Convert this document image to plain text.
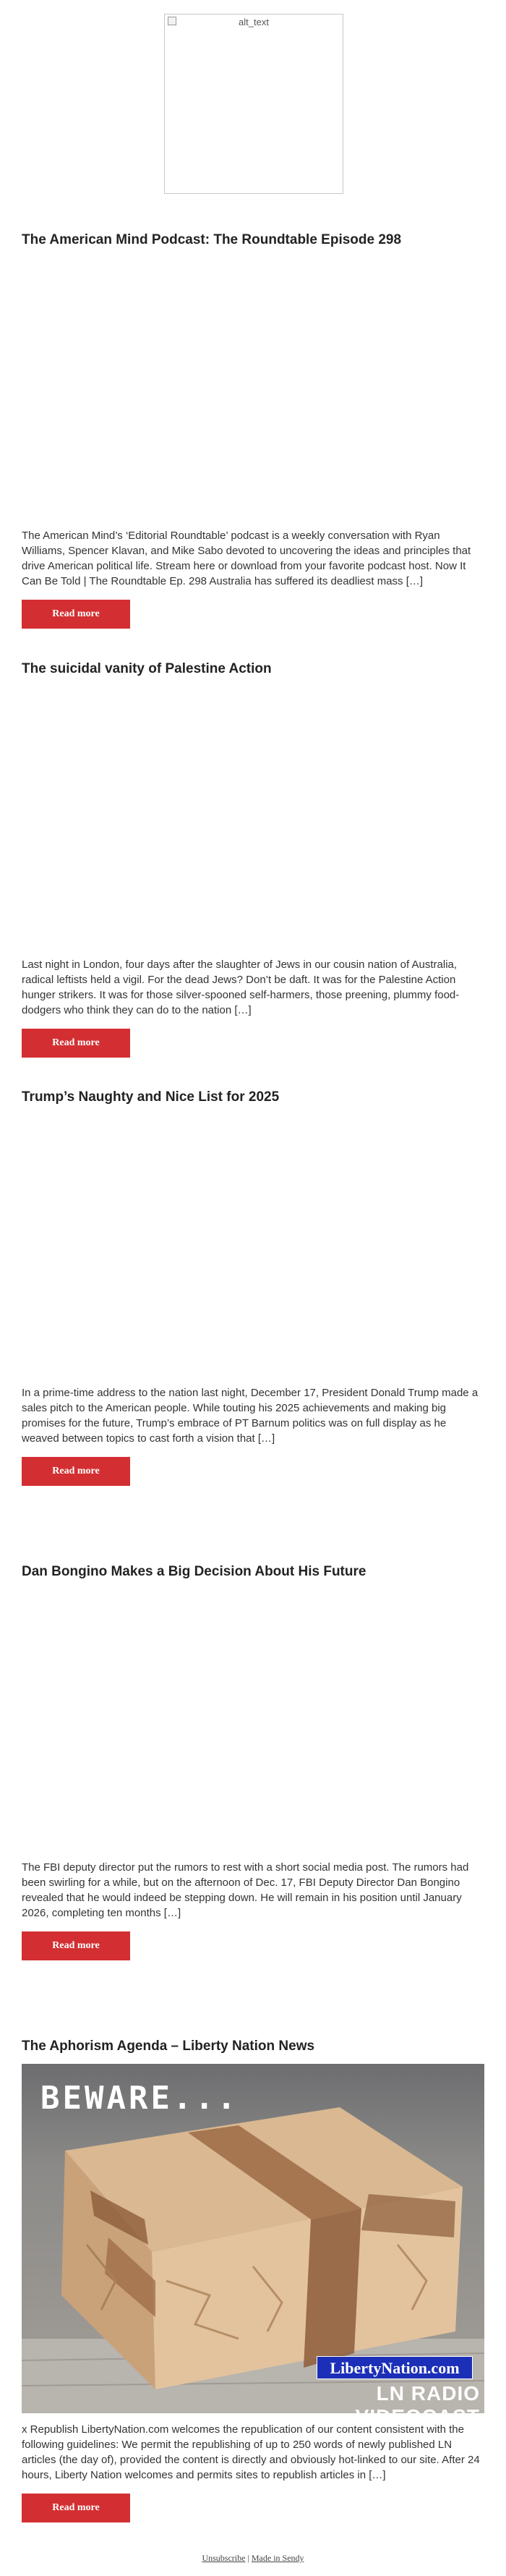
alt_text
The American Mind Podcast: The Roundtable Episode 298

The American Mind’s ‘Editorial Roundtable’ podcast is a weekly conversation with Ryan Williams, Spencer Klavan, and Mike Sabo devoted to uncovering the ideas and principles that drive American political life. Stream here or download from your favorite podcast host. Now It Can Be Told | The Roundtable Ep. 298 Australia has suffered its deadliest mass […]

Read more
The suicidal vanity of Palestine Action

Last night in London, four days after the slaughter of Jews in our cousin nation of Australia, radical leftists held a vigil. For the dead Jews? Don’t be daft. It was for the Palestine Action hunger strikers. It was for those silver-spooned self-harmers, those preening, plummy food-dodgers who think they can do to the nation […]

Read more
Trump’s Naughty and Nice List for 2025

In a prime-time address to the nation last night, December 17, President Donald Trump made a sales pitch to the American people. While touting his 2025 achievements and making big promises for the future, Trump’s embrace of PT Barnum politics was on full display as he weaved between topics to cast forth a vision that […]

Read more
Dan Bongino Makes a Big Decision About His Future

The FBI deputy director put the rumors to rest with a short social media post. The rumors had been swirling for a while, but on the afternoon of Dec. 17, FBI Deputy Director Dan Bongino revealed that he would indeed be stepping down. He will remain in his position until January 2026, completing ten months […]

Read more
The Aphorism Agenda – Liberty Nation News
BEWARE...
LibertyNation.com
LN RADIO VIDEOCAST

x Republish LibertyNation.com welcomes the republication of our content consistent with the following guidelines: We permit the republishing of up to 250 words of newly published LN articles (the day of), provided the content is directly and obviously hot-linked to our site. After 24 hours, Liberty Nation welcomes and permits sites to republish articles in […]

Read more
Unsubscribe | Made in Sendy
